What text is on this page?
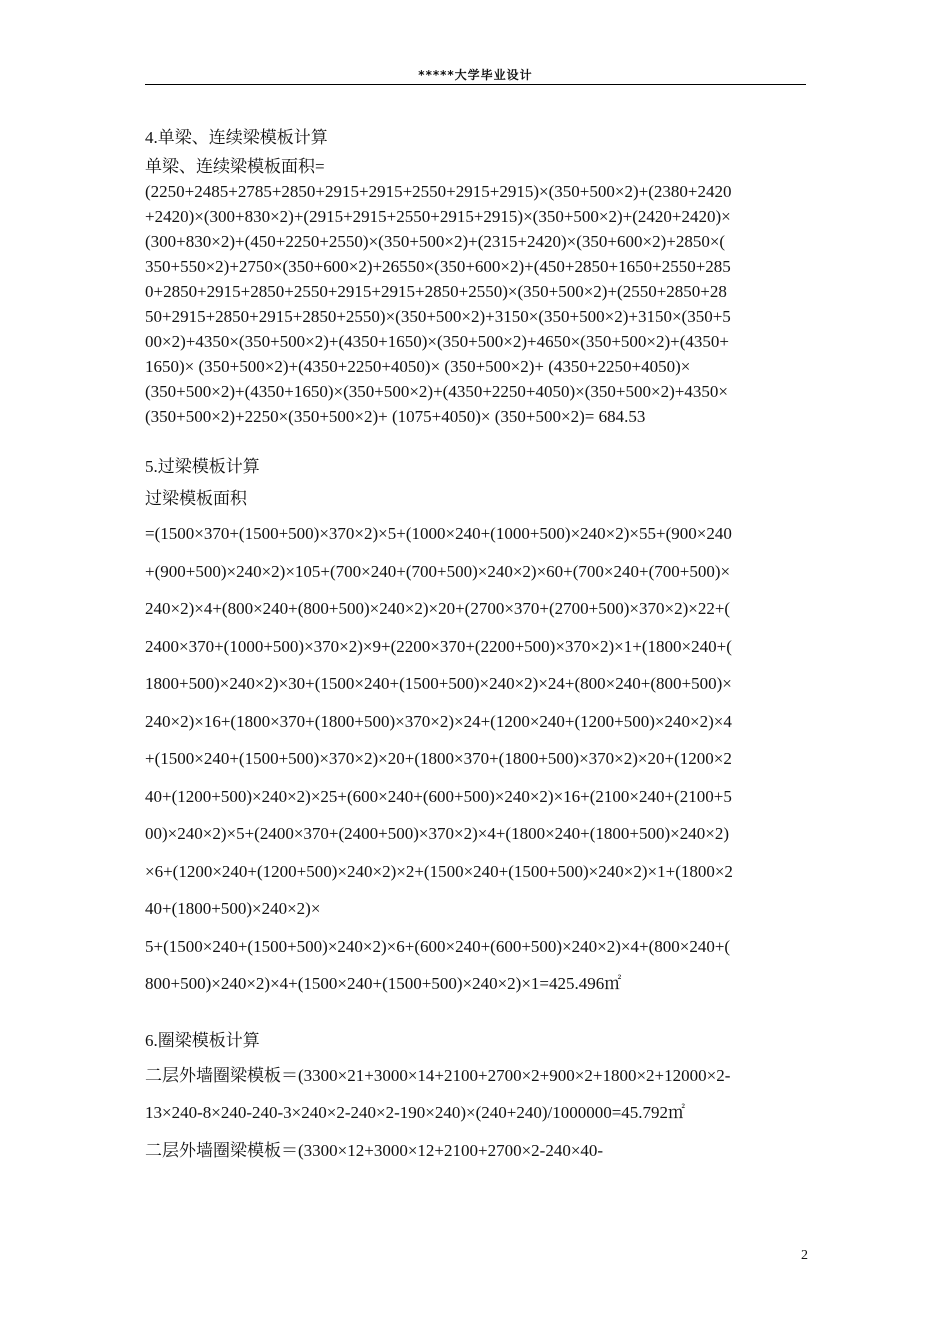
*****大学毕业设计
4.单梁、连续梁模板计算
单梁、连续梁模板面积=
(2250+2485+2785+2850+2915+2915+2550+2915+2915)×(350+500×2)+(2380+2420
+2420)×(300+830×2)+(2915+2915+2550+2915+2915)×(350+500×2)+(2420+2420)×
(300+830×2)+(450+2250+2550)×(350+500×2)+(2315+2420)×(350+600×2)+2850×(
350+550×2)+2750×(350+600×2)+26550×(350+600×2)+(450+2850+1650+2550+285
0+2850+2915+2850+2550+2915+2915+2850+2550)×(350+500×2)+(2550+2850+28
50+2915+2850+2915+2850+2550)×(350+500×2)+3150×(350+500×2)+3150×(350+5
00×2)+4350×(350+500×2)+(4350+1650)×(350+500×2)+4650×(350+500×2)+(4350+
1650)× (350+500×2)+(4350+2250+4050)× (350+500×2)+ (4350+2250+4050)×
(350+500×2)+(4350+1650)×(350+500×2)+(4350+2250+4050)×(350+500×2)+4350×
(350+500×2)+2250×(350+500×2)+ (1075+4050)× (350+500×2)= 684.53
5.过梁模板计算
过梁模板面积
=(1500×370+(1500+500)×370×2)×5+(1000×240+(1000+500)×240×2)×55+(900×240
+(900+500)×240×2)×105+(700×240+(700+500)×240×2)×60+(700×240+(700+500)×
240×2)×4+(800×240+(800+500)×240×2)×20+(2700×370+(2700+500)×370×2)×22+(
2400×370+(1000+500)×370×2)×9+(2200×370+(2200+500)×370×2)×1+(1800×240+(
1800+500)×240×2)×30+(1500×240+(1500+500)×240×2)×24+(800×240+(800+500)×
240×2)×16+(1800×370+(1800+500)×370×2)×24+(1200×240+(1200+500)×240×2)×4
+(1500×240+(1500+500)×370×2)×20+(1800×370+(1800+500)×370×2)×20+(1200×2
40+(1200+500)×240×2)×25+(600×240+(600+500)×240×2)×16+(2100×240+(2100+5
00)×240×2)×5+(2400×370+(2400+500)×370×2)×4+(1800×240+(1800+500)×240×2)
×6+(1200×240+(1200+500)×240×2)×2+(1500×240+(1500+500)×240×2)×1+(1800×2
40+(1800+500)×240×2)×
5+(1500×240+(1500+500)×240×2)×6+(600×240+(600+500)×240×2)×4+(800×240+(
800+500)×240×2)×4+(1500×240+(1500+500)×240×2)×1=425.496㎡
6.圈梁模板计算
二层外墙圈梁模板＝(3300×21+3000×14+2100+2700×2+900×2+1800×2+12000×2-
13×240-8×240-240-3×240×2-240×2-190×240)×(240+240)/1000000=45.792㎡
二层外墙圈梁模板＝(3300×12+3000×12+2100+2700×2-240×40-
2
